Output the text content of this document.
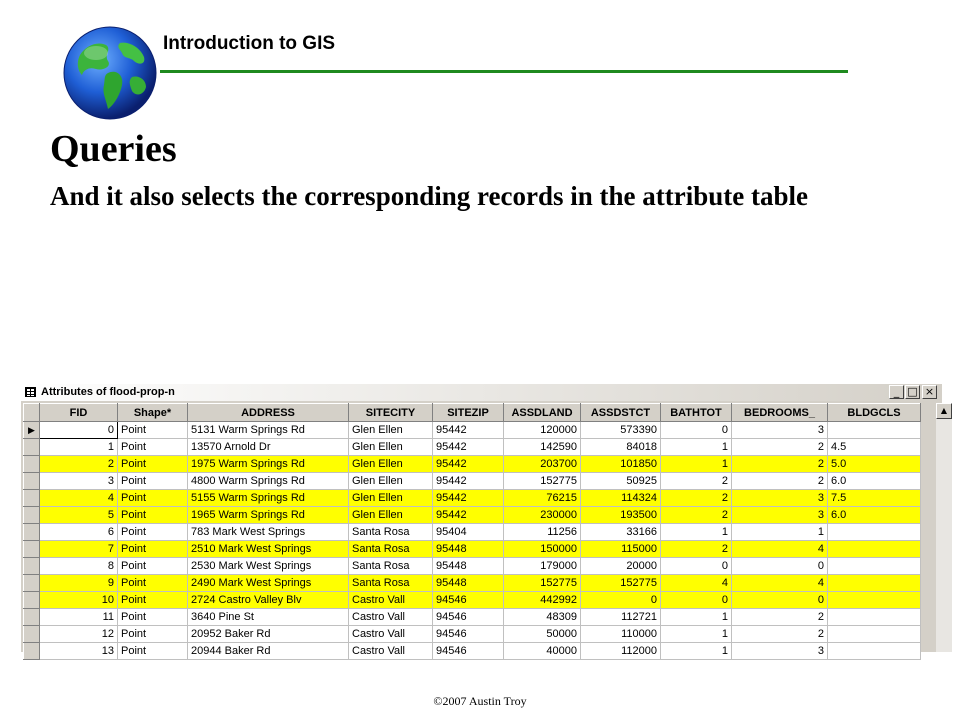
Introduction to GIS
Queries
And it also selects the corresponding records in the attribute table
Attributes of flood-prop-n	_ □ ×
	FID	Shape*	ADDRESS	SITECITY	SITEZIP	ASSDLAND	ASSDSTCT	BATHTOT	BEDROOMS_	BLDGCLS
▶	0	Point	5131 Warm Springs Rd	Glen Ellen	95442	120000	573390	0	3	
	1	Point	13570 Arnold Dr	Glen Ellen	95442	142590	84018	1	2	4.5
	2	Point	1975 Warm Springs Rd	Glen Ellen	95442	203700	101850	1	2	5.0
	3	Point	4800 Warm Springs Rd	Glen Ellen	95442	152775	50925	2	2	6.0
	4	Point	5155 Warm Springs Rd	Glen Ellen	95442	76215	114324	2	3	7.5
	5	Point	1965 Warm Springs Rd	Glen Ellen	95442	230000	193500	2	3	6.0
	6	Point	783 Mark West Springs	Santa Rosa	95404	11256	33166	1	1	
	7	Point	2510 Mark West Springs	Santa Rosa	95448	150000	115000	2	4	
	8	Point	2530 Mark West Springs	Santa Rosa	95448	179000	20000	0	0	
	9	Point	2490 Mark West Springs	Santa Rosa	95448	152775	152775	4	4	
	10	Point	2724 Castro Valley Blv	Castro Vall	94546	442992	0	0	0	
	11	Point	3640 Pine St	Castro Vall	94546	48309	112721	1	2	
	12	Point	20952 Baker Rd	Castro Vall	94546	50000	110000	1	2	
	13	Point	20944 Baker Rd	Castro Vall	94546	40000	112000	1	3	
▲
©2007 Austin Troy
